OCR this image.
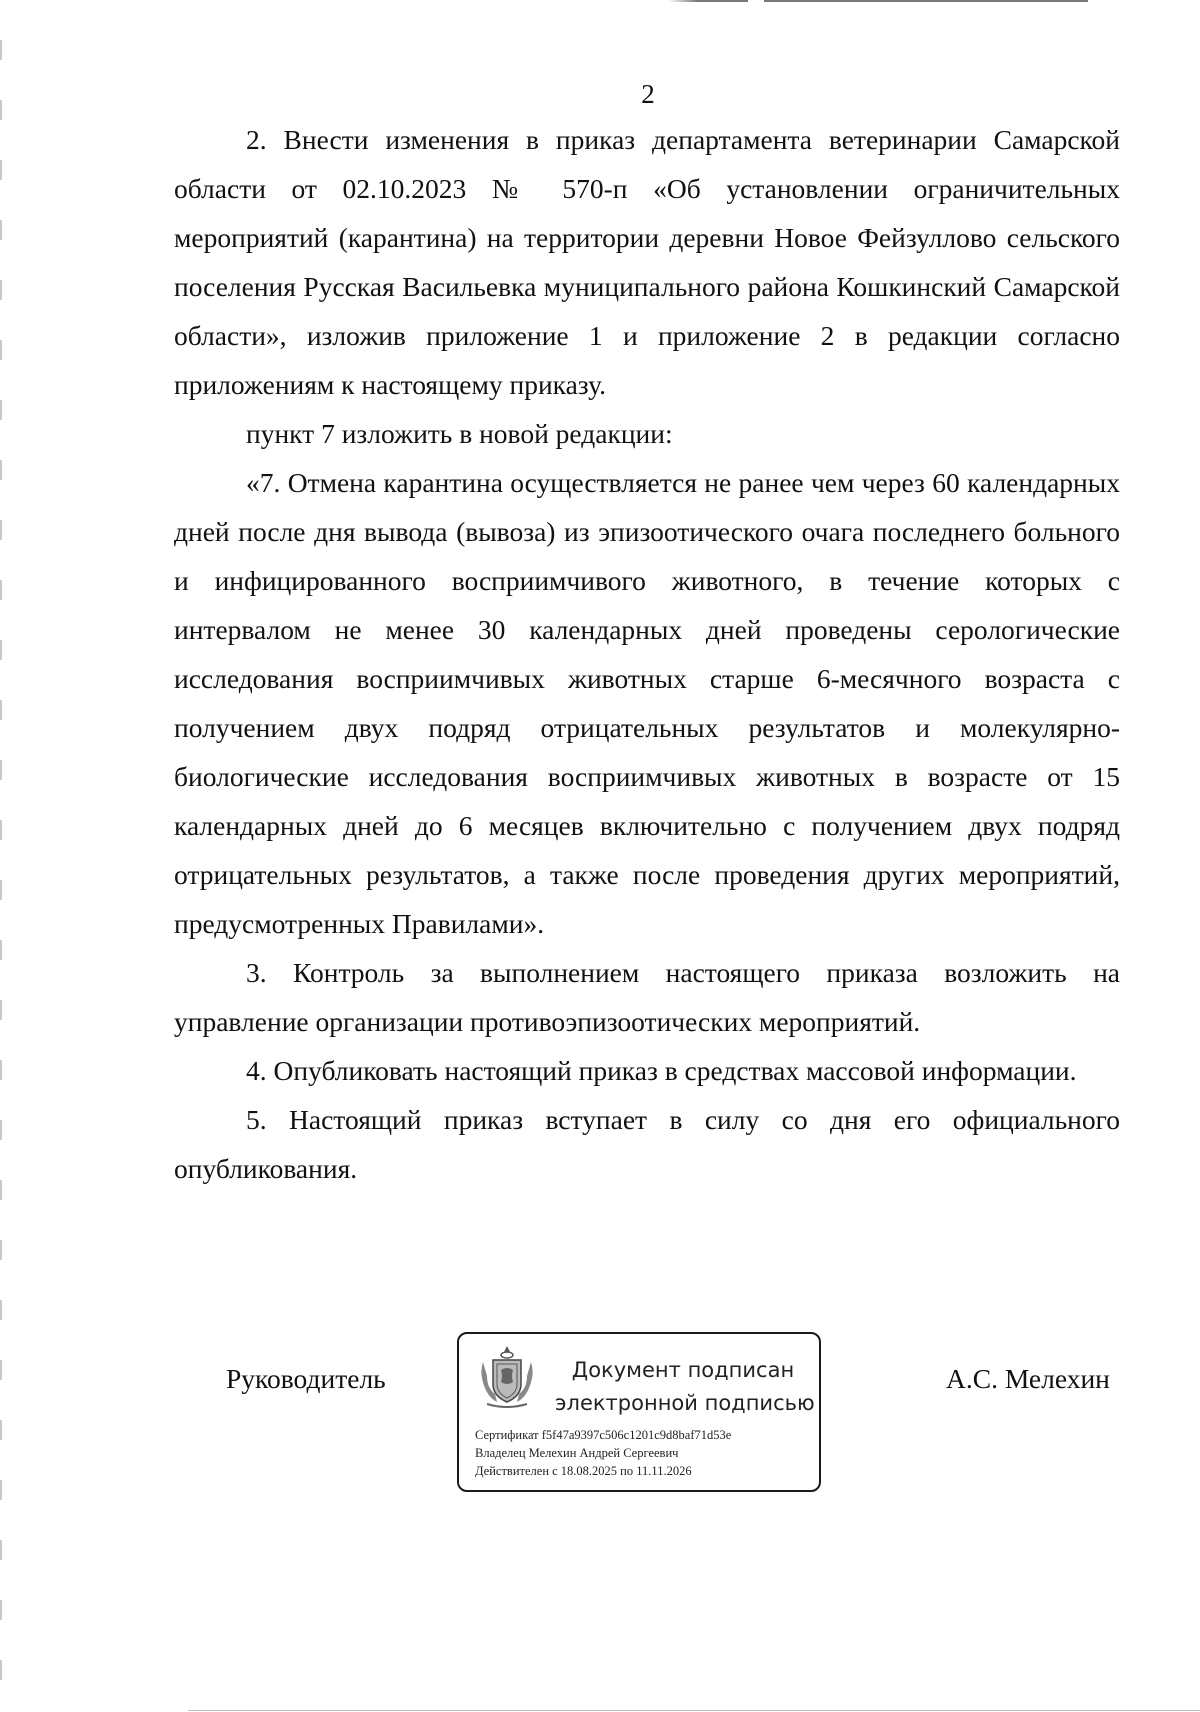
2

2. Внести изменения в приказ департамента ветеринарии Самарской области от 02.10.2023 № 570-п «Об установлении ограничительных мероприятий (карантина) на территории деревни Новое Фейзуллово сельского поселения Русская Васильевка муниципального района Кошкинский Самарской области», изложив приложение 1 и приложение 2 в редакции согласно приложениям к настоящему приказу.

пункт 7 изложить в новой редакции:

«7. Отмена карантина осуществляется не ранее чем через 60 календарных дней после дня вывода (вывоза) из эпизоотического очага последнего больного и инфицированного восприимчивого животного, в течение которых с интервалом не менее 30 календарных дней проведены серологические исследования восприимчивых животных старше 6-месячного возраста с получением двух подряд отрицательных результатов и молекулярно-биологические исследования восприимчивых животных в возрасте от 15 календарных дней до 6 месяцев включительно с получением двух подряд отрицательных результатов, а также после проведения других мероприятий, предусмотренных Правилами».

3. Контроль за выполнением настоящего приказа возложить на управление организации противоэпизоотических мероприятий.

4. Опубликовать настоящий приказ в средствах массовой информации.

5. Настоящий приказ вступает в силу со дня его официального опубликования.

Руководитель	Документ подписан
электронной подписью
Сертификат f5f47a9397c506c1201c9d8baf71d53e
Владелец Мелехин Андрей Сергеевич
Действителен с 18.08.2025 по 11.11.2026
А.С. Мелехин
